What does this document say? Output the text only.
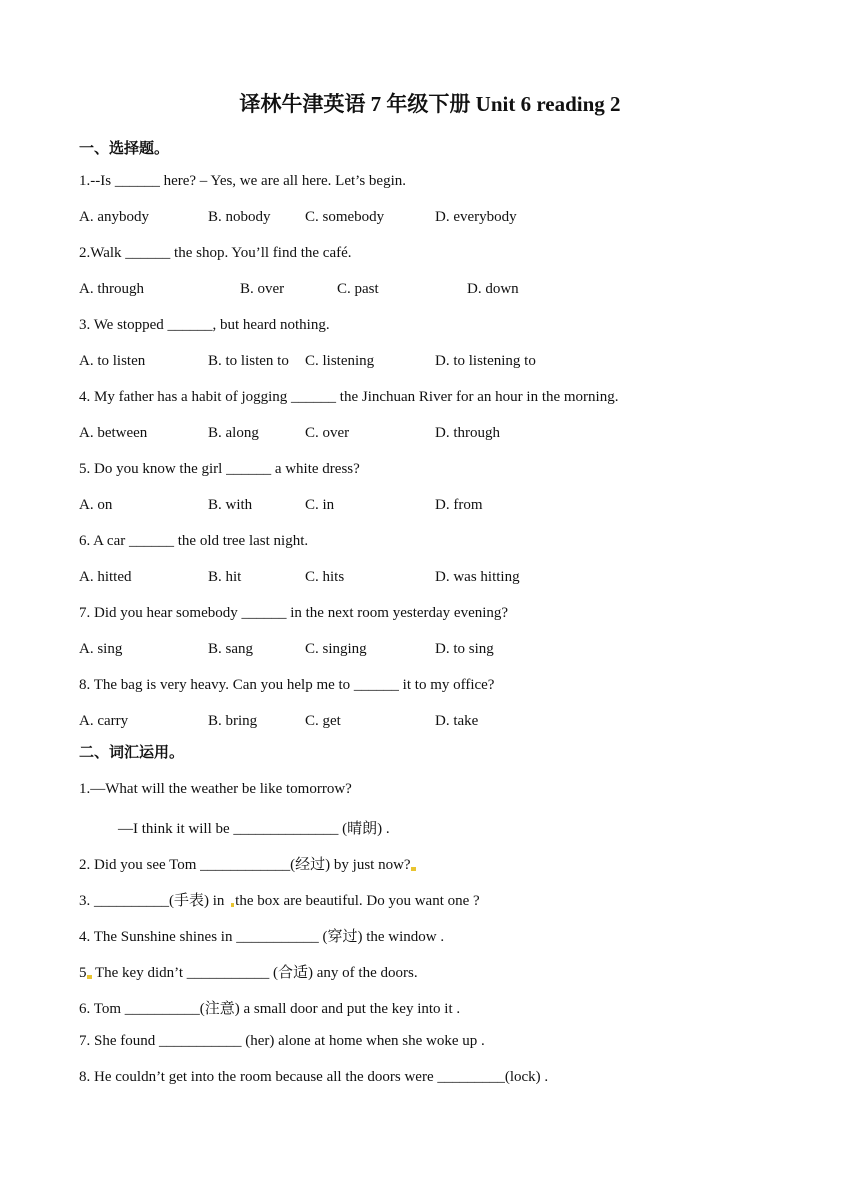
译林牛津英语 7 年级下册 Unit 6 reading 2
一、选择题。
1.--Is ______ here? – Yes, we are all here. Let’s begin.
A. anybody	B. nobody C. somebody	D. everybody
2.Walk ______ the shop. You’ll find the café.
A. through	B. over	C. past	D. down
3. We stopped ______, but heard nothing.
A. to listen	B. to listen to C. listening	D. to listening to
4. My father has a habit of jogging ______ the Jinchuan River for an hour in the morning.
A. between	B. along	C. over	D. through
5. Do you know the girl ______ a white dress?
A. on	B. with	C. in	D. from
6. A car ______ the old tree last night.
A. hitted	B. hit	C. hits	D. was hitting
7. Did you hear somebody ______ in the next room yesterday evening?
A. sing	B. sang	C. singing	D. to sing
8. The bag is very heavy. Can you help me to ______ it to my office?
A. carry	B. bring	C. get	D. take
二、词汇运用。
1.—What will the weather be like tomorrow?
—I think it will be ______________ (晴朗) .
2. Did you see Tom ____________(经过) by just now?
3. __________(手表) in the box are beautiful. Do you want one ?
4. The Sunshine shines in ___________ (穿过) the window .
5 The key didn’t ___________ (合适) any of the doors.
6. Tom __________(注意) a small door and put the key into it .
7. She found ___________ (her) alone at home when she woke up .
8. He couldn’t get into the room because all the doors were _________(lock) .
